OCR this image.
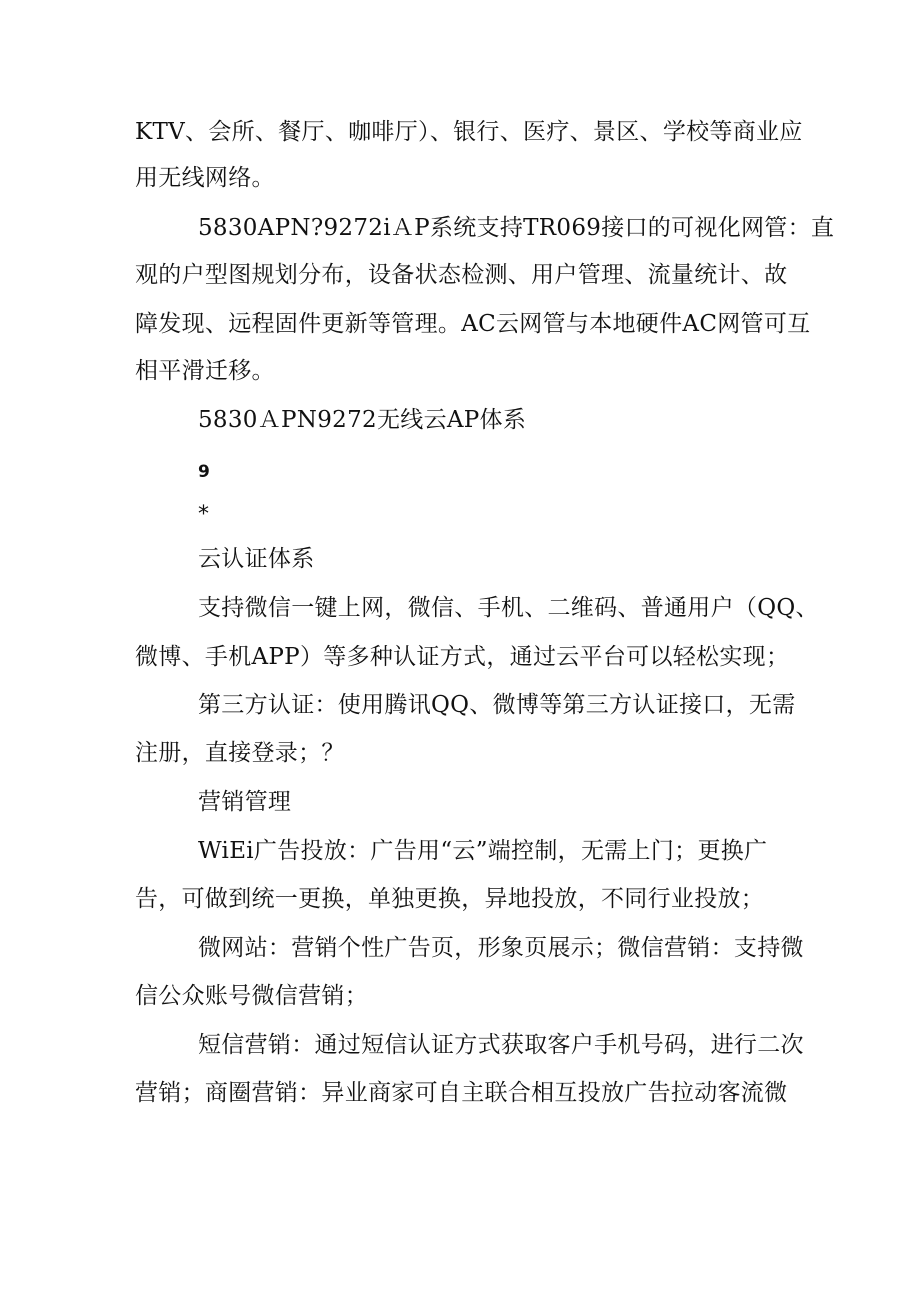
KTV、会所、餐厅、咖啡厅）、银行、医疗、景区、学校等商业应
用无线网络。
5830APN?9272iＡP系统支持TR069接口的可视化网管：直
观的户型图规划分布，设备状态检测、用户管理、流量统计、故
障发现、远程固件更新等管理。AC云网管与本地硬件AC网管可互
相平滑迁移。
5830ＡPN9272无线云AP体系
9
*
云认证体系
支持微信一键上网，微信、手机、二维码、普通用户（QQ、
微博、手机APP）等多种认证方式，通过云平台可以轻松实现；
第三方认证：使用腾讯QQ、微博等第三方认证接口，无需
注册，直接登录；？
营销管理
WiEi广告投放：广告用“云”端控制，无需上门；更换广
告，可做到统一更换，单独更换，异地投放，不同行业投放；
微网站：营销个性广告页，形象页展示；微信营销：支持微
信公众账号微信营销；
短信营销：通过短信认证方式获取客户手机号码，进行二次
营销；商圈营销：异业商家可自主联合相互投放广告拉动客流微
